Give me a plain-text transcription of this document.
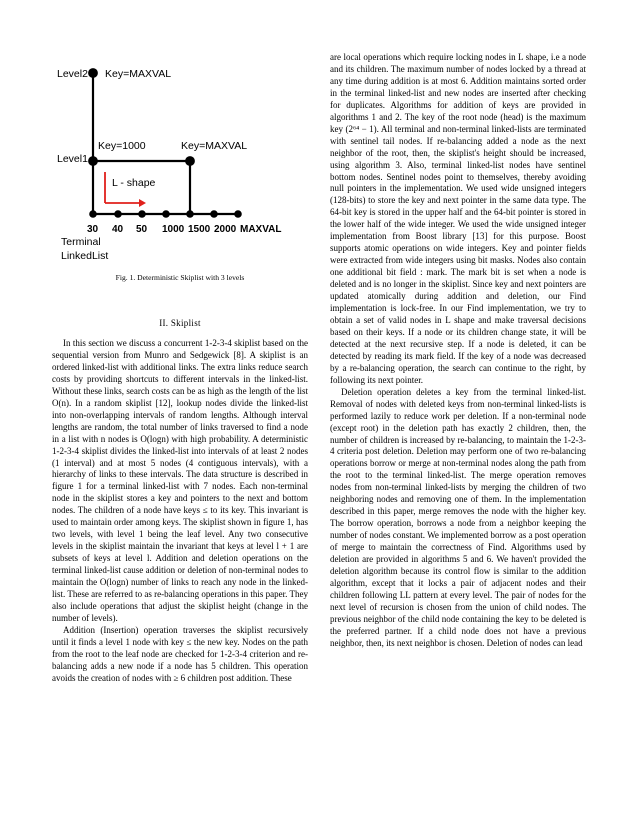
Level2 Key=MAXVAL
Key=1000	Key=MAXVAL
Level1
L - shape
30 40 50 1000 1500 2000 MAXVAL
Terminal
LinkedList
Fig. 1. Deterministic Skiplist with 3 levels
II. Skiplist

In this section we discuss a concurrent 1-2-3-4 skiplist based on the sequential version from Munro and Sedgewick [8]. A skiplist is an ordered linked-list with additional links. The extra links reduce search costs by providing shortcuts to different intervals in the linked-list. Without these links, search costs can be as high as the length of the list O(n). In a random skiplist [12], lookup nodes divide the linked-list into non-overlapping intervals of random lengths. Although interval lengths are random, the total number of links traversed to find a node in a list with n nodes is O(logn) with high probability. A deterministic 1-2-3-4 skiplist divides the linked-list into intervals of at least 2 nodes (1 interval) and at most 5 nodes (4 contiguous intervals), with a hierarchy of links to these intervals. The data structure is described in figure 1 for a terminal linked-list with 7 nodes. Each non-terminal node in the skiplist stores a key and pointers to the next and bottom nodes. The children of a node have keys ≤ to its key. This invariant is used to maintain order among keys. The skiplist shown in figure 1, has two levels, with level 1 being the leaf level. Any two consecutive levels in the skiplist maintain the invariant that keys at level l + 1 are subsets of keys at level l. Addition and deletion operations on the terminal linked-list cause addition or deletion of non-terminal nodes to maintain the O(logn) number of links to reach any node in the linked-list. These are referred to as re-balancing operations in this paper. They also include operations that adjust the skiplist height (change in the number of levels).

Addition (Insertion) operation traverses the skiplist recursively until it finds a level 1 node with key ≤ the new key. Nodes on the path from the root to the leaf node are checked for 1-2-3-4 criterion and re-balancing adds a new node if a node has 5 children. This operation avoids the creation of nodes with ≥ 6 children post addition. These

are local operations which require locking nodes in L shape, i.e a node and its children. The maximum number of nodes locked by a thread at any time during addition is at most 6. Addition maintains sorted order in the terminal linked-list and new nodes are inserted after checking for duplicates. Algorithms for addition of keys are provided in algorithms 1 and 2. The key of the root node (head) is the maximum key (2⁶⁴ − 1). All terminal and non-terminal linked-lists are terminated with sentinel tail nodes. If re-balancing added a node as the next neighbor of the root, then, the skiplist's height should be increased, using algorithm 3. Also, terminal linked-list nodes have sentinel bottom nodes. Sentinel nodes point to themselves, thereby avoiding null pointers in the implementation. We used wide unsigned integers (128-bits) to store the key and next pointer in the same data type. The 64-bit key is stored in the upper half and the 64-bit pointer is stored in the lower half of the wide integer. We used the wide unsigned integer implementation from Boost library [13] for this purpose. Boost supports atomic operations on wide integers. Key and pointer fields were extracted from wide integers using bit masks. Nodes also contain one additional bit field : mark. The mark bit is set when a node is deleted and is no longer in the skiplist. Since key and next pointers are updated atomically during addition and deletion, our Find implementation is lock-free. In our Find implementation, we try to obtain a set of valid nodes in L shape and make traversal decisions based on their keys. If a node or its children change state, it will be detected at the next recursive step. If a node is deleted, it can be detected by reading its mark field. If the key of a node was decreased by a re-balancing operation, the search can continue to the right, by following its next pointer.

Deletion operation deletes a key from the terminal linked-list. Removal of nodes with deleted keys from non-terminal linked-lists is performed lazily to reduce work per deletion. If a non-terminal node (except root) in the deletion path has exactly 2 children, then, the number of children is increased by re-balancing, to maintain the 1-2-3-4 criteria post deletion. Deletion may perform one of two re-balancing operations borrow or merge at non-terminal nodes along the path from the root to the terminal linked-list. The merge operation removes nodes from non-terminal linked-lists by merging the children of two neighboring nodes and removing one of them. In the implementation described in this paper, merge removes the node with the higher key. The borrow operation, borrows a node from a neighbor keeping the number of nodes constant. We implemented borrow as a post operation of merge to maintain the correctness of Find. Algorithms used by deletion are provided in algorithms 5 and 6. We haven't provided the deletion algorithm because its control flow is similar to the addition algorithm, except that it locks a pair of adjacent nodes and their children following LL pattern at every level. The pair of nodes for the next level of recursion is chosen from the union of child nodes. The previous neighbor of the child node containing the key to be deleted is the preferred partner. If a child node does not have a previous neighbor, then, its next neighbor is chosen. Deletion of nodes can lead
